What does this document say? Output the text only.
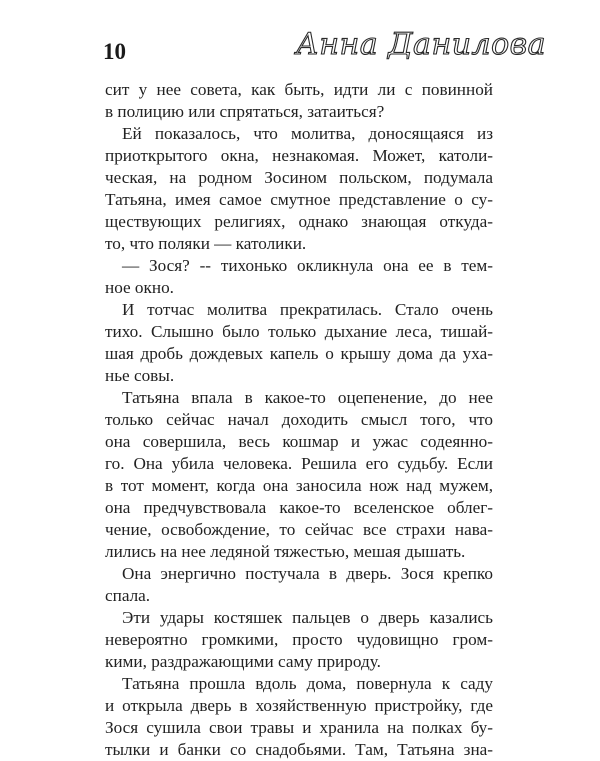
10	Анна Данилова
сит у нее совета, как быть, идти ли с повинной
в полицию или спрятаться, затаиться?
Ей показалось, что молитва, доносящаяся из
приоткрытого окна, незнакомая. Может, католи-
ческая, на родном Зосином польском, подумала
Татьяна, имея самое смутное представление о су-
ществующих религиях, однако знающая откуда-
то, что поляки — католики.
— Зося? -- тихонько окликнула она ее в тем-
ное окно.
И тотчас молитва прекратилась. Стало очень
тихо. Слышно было только дыхание леса, тишай-
шая дробь дождевых капель о крышу дома да уха-
нье совы.
Татьяна впала в какое-то оцепенение, до нее
только сейчас начал доходить смысл того, что
она совершила, весь кошмар и ужас содеянно-
го. Она убила человека. Решила его судьбу. Если
в тот момент, когда она заносила нож над мужем,
она предчувствовала какое-то вселенское облег-
чение, освобождение, то сейчас все страхи нава-
лились на нее ледяной тяжестью, мешая дышать.
Она энергично постучала в дверь. Зося крепко
спала.
Эти удары костяшек пальцев о дверь казались
невероятно громкими, просто чудовищно гром-
кими, раздражающими саму природу.
Татьяна прошла вдоль дома, повернула к саду
и открыла дверь в хозяйственную пристройку, где
Зося сушила свои травы и хранила на полках бу-
тылки и банки со снадобьями. Там, Татьяна зна-
